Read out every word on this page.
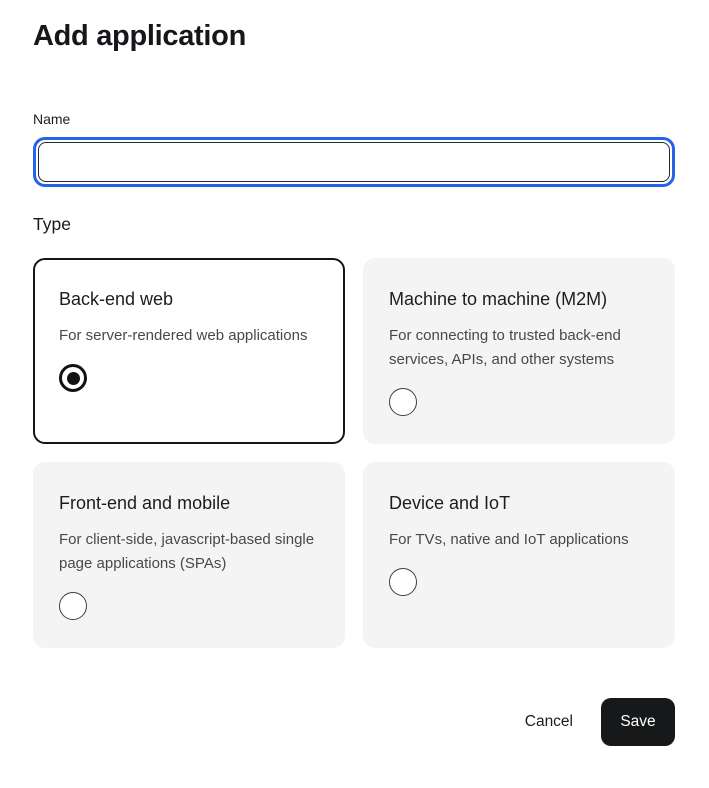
Add application
Name
Type
Back-end web
For server-rendered web applications
Machine to machine (M2M)
For connecting to trusted back-end services, APIs, and other systems
Front-end and mobile
For client-side, javascript-based single page applications (SPAs)
Device and IoT
For TVs, native and IoT applications
Cancel	Save
